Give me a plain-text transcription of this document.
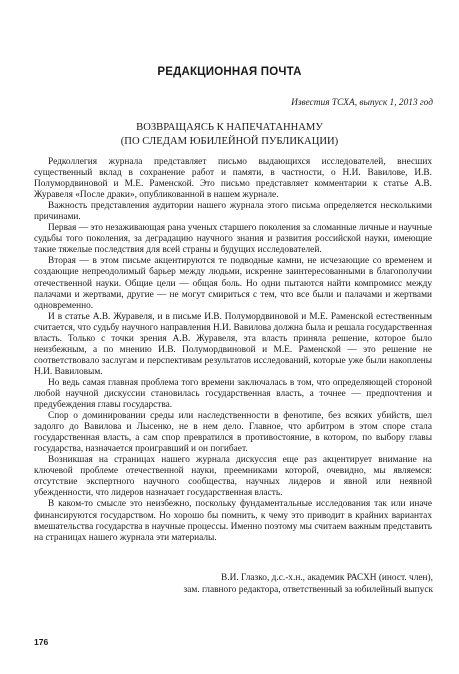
РЕДАКЦИОННАЯ ПОЧТА
Известия ТСХА, выпуск 1, 2013 год
ВОЗВРАЩАЯСЬ К НАПЕЧАТАННАМУ
(ПО СЛЕДАМ ЮБИЛЕЙНОЙ ПУБЛИКАЦИИ)

Редколлегия журнала представляет письмо выдающихся исследователей, внесших существенный вклад в сохранение работ и памяти, в частности, о Н.И. Вавилове, И.В. Полумордвиновой и М.Е. Раменской. Это письмо представляет комментарии к статье А.В. Журавеля «После драки», опубликованной в нашем журнале.

Важность представления аудитории нашего журнала этого письма определяется несколькими причинами.

Первая — это незаживающая рана ученых старшего поколения за сломанные личные и научные судьбы того поколения, за деградацию научного знания и развития российской науки, имеющие такие тяжелые последствия для всей страны и будущих исследователей.

Вторая — в этом письме акцентируются те подводные камни, не исчезающие со временем и создающие непреодолимый барьер между людьми, искренне заинтересованными в благополучии отечественной науки. Общие цели — общая боль. Но одни пытаются найти компромисс между палачами и жертвами, другие — не могут смириться с тем, что все были и палачами и жертвами одновременно.

И в статье А.В. Журавеля, и в письме И.В. Полумордвиновой и М.Е. Раменской естественным считается, что судьбу научного направления Н.И. Вавилова должна была и решала государственная власть. Только с точки зрения А.В. Журавеля, эта власть приняла решение, которое было неизбежным, а по мнению И.В. Полумордвиновой и М.Е. Раменской — это решение не соответствовало заслугам и перспективам результатов исследований, которые уже были накоплены Н.И. Вавиловым.

Но ведь самая главная проблема того времени заключалась в том, что определяющей стороной любой научной дискуссии становилась государственная власть, а точнее — предпочтения и предубеждения главы государства.

Спор о доминировании среды или наследственности в фенотипе, без всяких убийств, шел задолго до Вавилова и Лысенко, не в нем дело. Главное, что арбитром в этом споре стала государственная власть, а сам спор превратился в противостояние, в котором, по выбору главы государства, назначается проигравший и он погибает.

Возникшая на страницах нашего журнала дискуссия еще раз акцентирует внимание на ключевой проблеме отечественной науки, преемниками которой, очевидно, мы являемся: отсутствие экспертного научного сообщества, научных лидеров и явной или неявной убежденности, что лидеров назначает государственная власть.

В каком-то смысле это неизбежно, поскольку фундаментальные исследования так или иначе финансируются государством. Но хорошо бы помнить, к чему это приводит в крайних вариантах вмешательства государства в научные процессы. Именно поэтому мы считаем важным представить на страницах нашего журнала эти материалы.

В.И. Глазко, д.с.-х.н., академик РАСХН (иност. член),
зам. главного редактора, ответственный за юбилейный выпуск
176
